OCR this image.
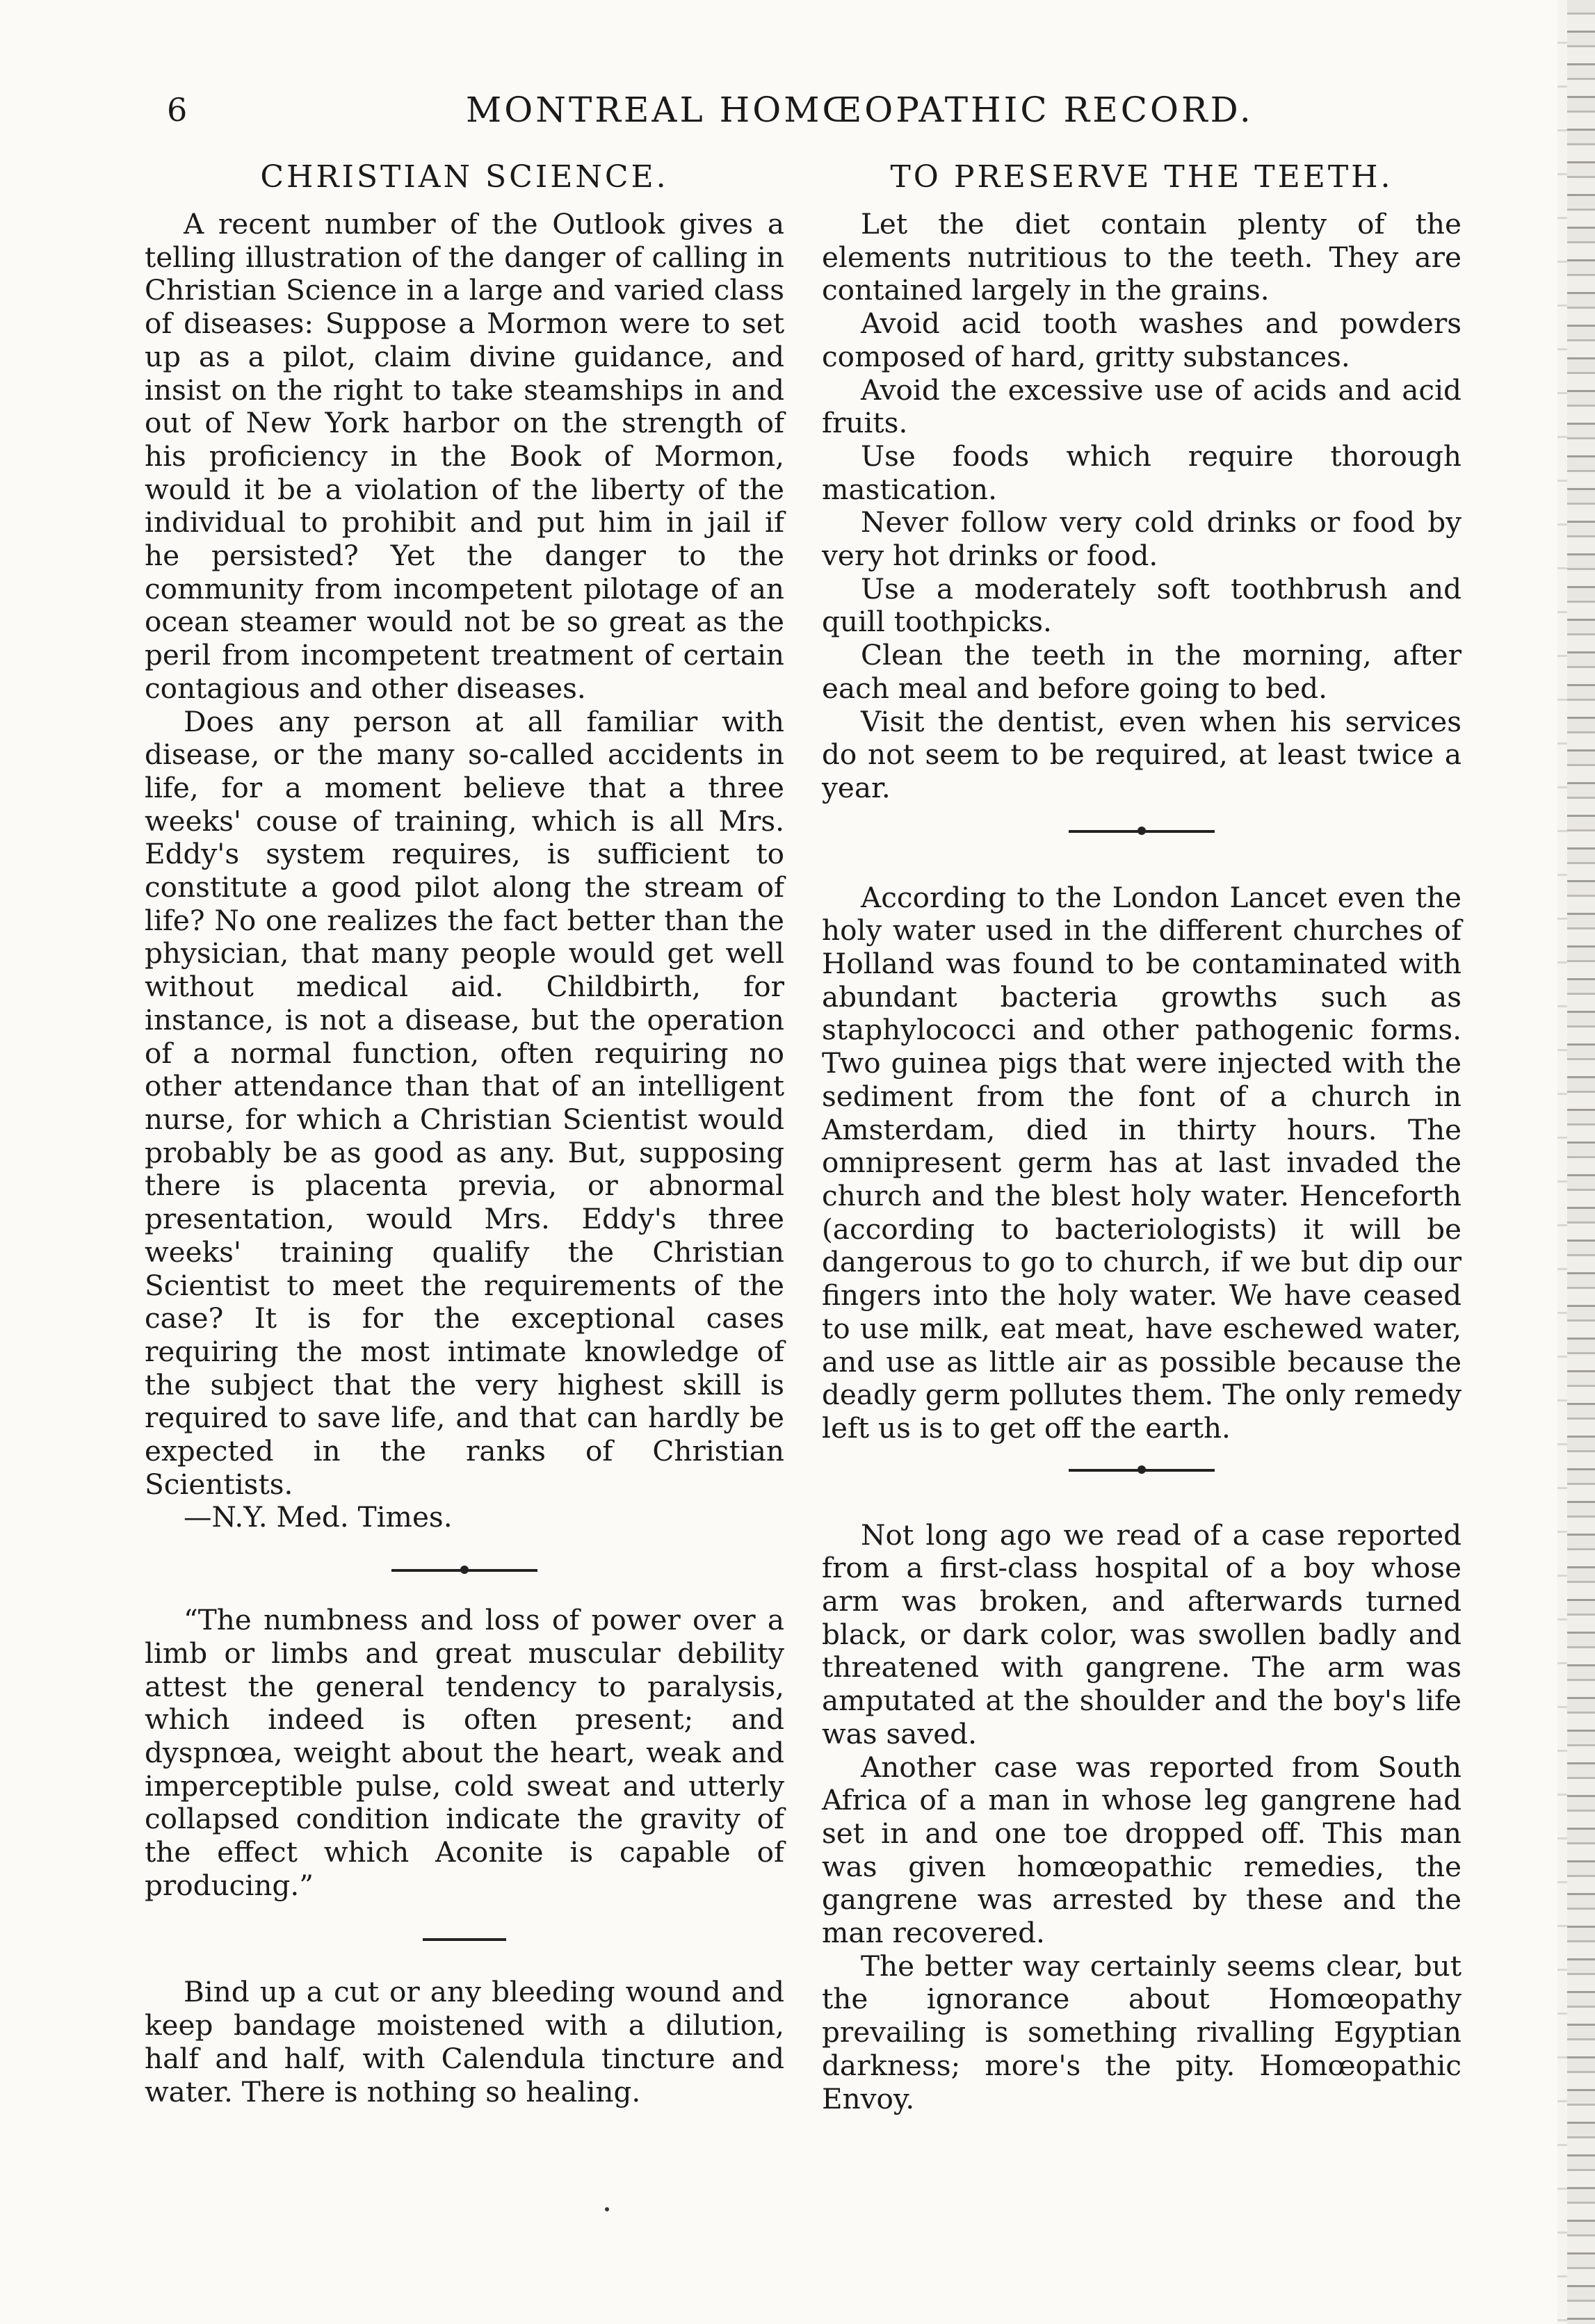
6	MONTREAL HOMŒOPATHIC RECORD.
CHRISTIAN SCIENCE.

A recent number of the Outlook gives a telling illustration of the danger of calling in Christian Science in a large and varied class of diseases: Suppose a Mormon were to set up as a pilot, claim divine guidance, and insist on the right to take steamships in and out of New York harbor on the strength of his proficiency in the Book of Mormon, would it be a violation of the liberty of the individual to prohibit and put him in jail if he persisted? Yet the danger to the community from incompetent pilotage of an ocean steamer would not be so great as the peril from incompetent treatment of certain contagious and other diseases.

Does any person at all familiar with disease, or the many so-called accidents in life, for a moment believe that a three weeks' couse of training, which is all Mrs. Eddy's system requires, is sufficient to constitute a good pilot along the stream of life? No one realizes the fact better than the physician, that many people would get well without medical aid. Childbirth, for instance, is not a disease, but the operation of a normal function, often requiring no other attendance than that of an intelligent nurse, for which a Christian Scientist would probably be as good as any. But, supposing there is placenta previa, or abnormal presentation, would Mrs. Eddy's three weeks' training qualify the Christian Scientist to meet the requirements of the case? It is for the exceptional cases requiring the most intimate knowledge of the subject that the very highest skill is required to save life, and that can hardly be expected in the ranks of Christian Scientists.

—N.Y. Med. Times.

“The numbness and loss of power over a limb or limbs and great muscular debility attest the general tendency to paralysis, which indeed is often present; and dyspnœa, weight about the heart, weak and imperceptible pulse, cold sweat and utterly collapsed condition indicate the gravity of the effect which Aconite is capable of producing.”

Bind up a cut or any bleeding wound and keep bandage moistened with a dilution, half and half, with Calendula tincture and water. There is nothing so healing.

TO PRESERVE THE TEETH.

Let the diet contain plenty of the elements nutritious to the teeth. They are contained largely in the grains.

Avoid acid tooth washes and powders composed of hard, gritty substances.

Avoid the excessive use of acids and acid fruits.

Use foods which require thorough mastication.

Never follow very cold drinks or food by very hot drinks or food.

Use a moderately soft toothbrush and quill toothpicks.

Clean the teeth in the morning, after each meal and before going to bed.

Visit the dentist, even when his services do not seem to be required, at least twice a year.

According to the London Lancet even the holy water used in the different churches of Holland was found to be contaminated with abundant bacteria growths such as staphylococci and other pathogenic forms. Two guinea pigs that were injected with the sediment from the font of a church in Amsterdam, died in thirty hours. The omnipresent germ has at last invaded the church and the blest holy water. Henceforth (according to bacteriologists) it will be dangerous to go to church, if we but dip our fingers into the holy water. We have ceased to use milk, eat meat, have eschewed water, and use as little air as possible because the deadly germ pollutes them. The only remedy left us is to get off the earth.

Not long ago we read of a case reported from a first-class hospital of a boy whose arm was broken, and afterwards turned black, or dark color, was swollen badly and threatened with gangrene. The arm was amputated at the shoulder and the boy's life was saved.

Another case was reported from South Africa of a man in whose leg gangrene had set in and one toe dropped off. This man was given homœopathic remedies, the gangrene was arrested by these and the man recovered.

The better way certainly seems clear, but the ignorance about Homœopathy prevailing is something rivalling Egyptian darkness; more's the pity. Homœopathic Envoy.
